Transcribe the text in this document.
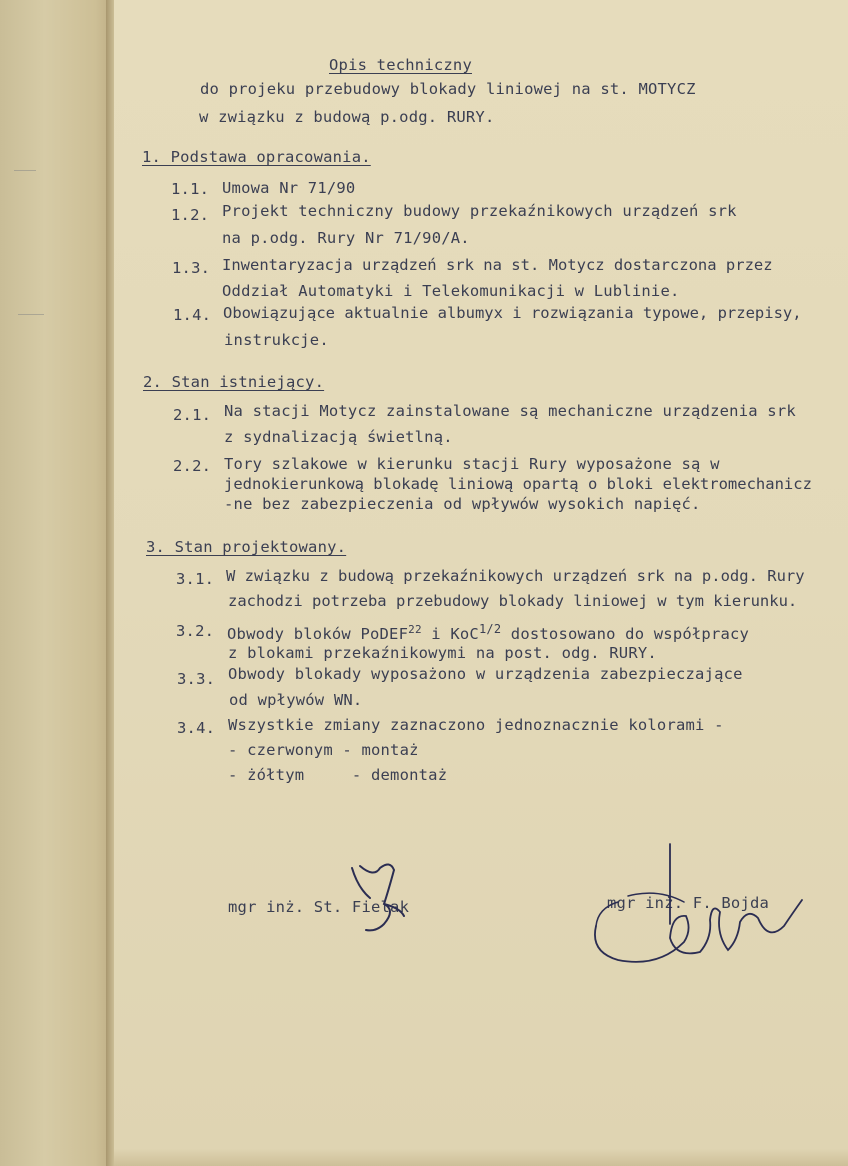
Opis techniczny
do projeku przebudowy blokady liniowej na st. MOTYCZ
w związku z budową p.odg. RURY.
1. Podstawa opracowania.
1.1. Umowa Nr 71/90
1.2. Projekt techniczny budowy przekaźnikowych urządzeń srk
na p.odg. Rury Nr 71/90/A.
1.3. Inwentaryzacja urządzeń srk na st. Motycz dostarczona przez
Oddział Automatyki i Telekomunikacji w Lublinie.
1.4. Obowiązujące aktualnie albumyx i rozwiązania typowe, przepisy,
instrukcje.
2. Stan istniejący.
2.1. Na stacji Motycz zainstalowane są mechaniczne urządzenia srk
z sydnalizacją świetlną.
2.2. Tory szlakowe w kierunku stacji Rury wyposażone są w
jednokierunkową blokadę liniową opartą o bloki elektromechanicz
-ne bez zabezpieczenia od wpływów wysokich napięć.
3. Stan projektowany.
3.1. W związku z budową przekaźnikowych urządzeń srk na p.odg. Rury
zachodzi potrzeba przebudowy blokady liniowej w tym kierunku.
3.2. Obwody bloków PoDEF$^{22}$ i KoC$^{1/2}$ dostosowano do współpracy
z blokami przekaźnikowymi na post. odg. RURY.
3.3. Obwody blokady wyposażono w urządzenia zabezpieczające
od wpływów WN.
3.4. Wszystkie zmiany zaznaczono jednoznacznie kolorami -
- czerwonym - montaż
- żółtym     - demontaż
mgr inż. St. Fielak	mgr inż. F. Bojda
